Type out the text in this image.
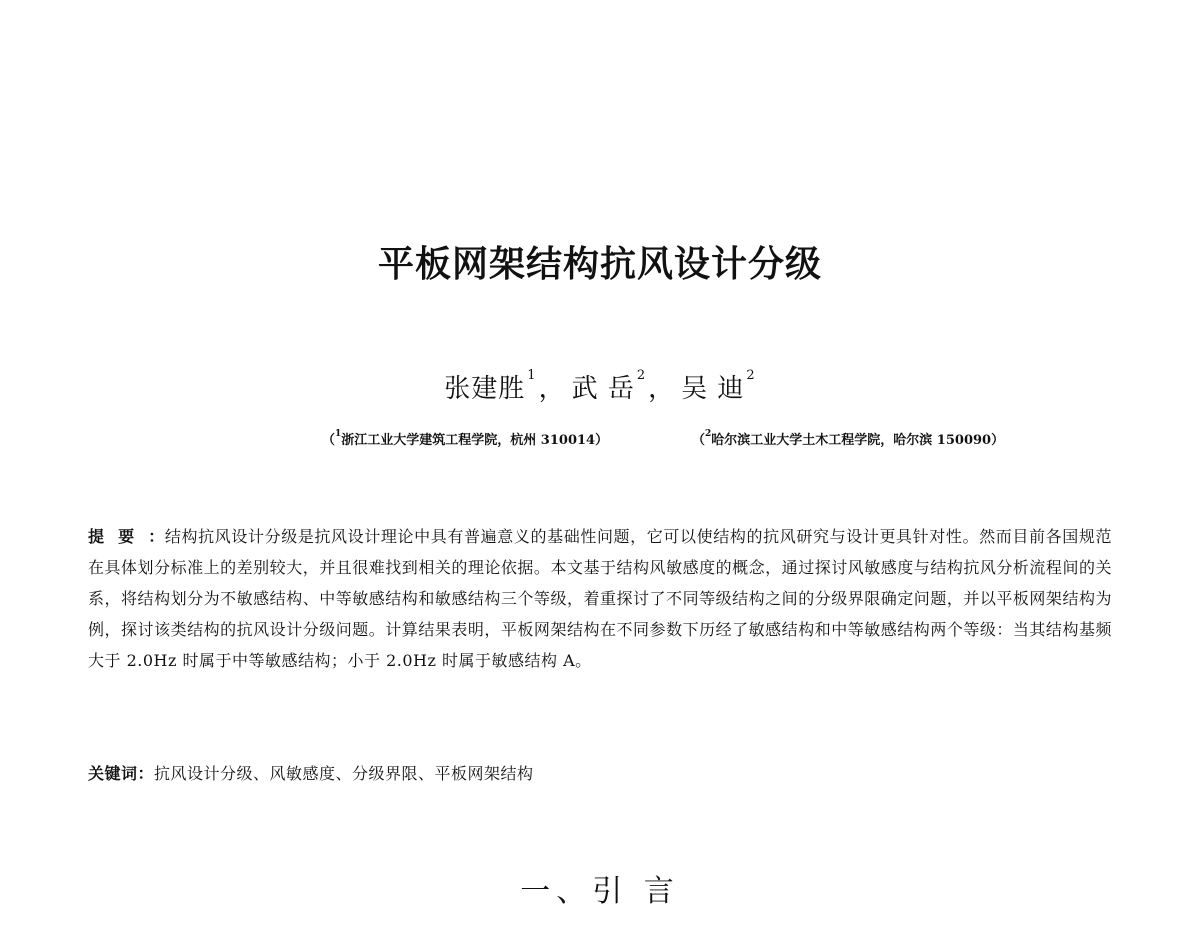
平板网架结构抗风设计分级
张建胜 $^1$， 武 岳 $^2$， 吴 迪 $^2$
（$^1$浙江工业大学建筑工程学院，杭州 310014）	（$^2$哈尔滨工业大学土木工程学院，哈尔滨 150090）
提要：结构抗风设计分级是抗风设计理论中具有普遍意义的基础性问题，它可以使结构的抗风研究与设计更具针对性。然而目前各国规范在具体划分标准上的差别较大，并且很难找到相关的理论依据。本文基于结构风敏感度的概念，通过探讨风敏感度与结构抗风分析流程间的关系，将结构划分为不敏感结构、中等敏感结构和敏感结构三个等级，着重探讨了不同等级结构之间的分级界限确定问题，并以平板网架结构为例，探讨该类结构的抗风设计分级问题。计算结果表明，平板网架结构在不同参数下历经了敏感结构和中等敏感结构两个等级：当其结构基频大于 2.0Hz 时属于中等敏感结构；小于 2.0Hz 时属于敏感结构 A。
关键词：抗风设计分级、风敏感度、分级界限、平板网架结构
一、引 言
